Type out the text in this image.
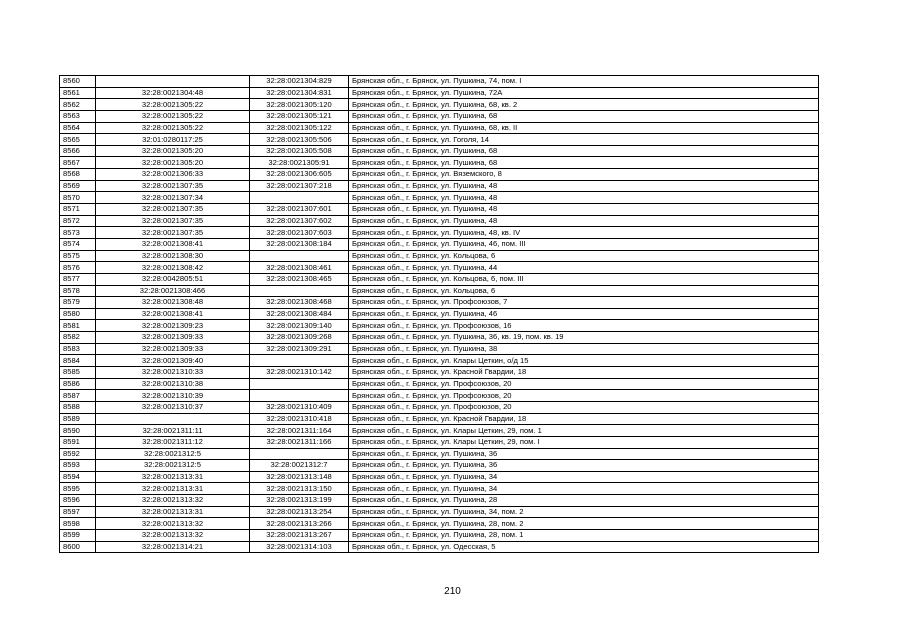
8560		32:28:0021304:829	Брянская обл., г. Брянск, ул. Пушкина, 74, пом. I
8561	32:28:0021304:48	32:28:0021304:831	Брянская обл., г. Брянск, ул. Пушкина, 72А
8562	32:28:0021305:22	32:28:0021305:120	Брянская обл., г. Брянск, ул. Пушкина, 68, кв. 2
8563	32:28:0021305:22	32:28:0021305:121	Брянская обл., г. Брянск, ул. Пушкина, 68
8564	32:28:0021305:22	32:28:0021305:122	Брянская обл., г. Брянск, ул. Пушкина, 68, кв. II
8565	32:01:0280117:25	32:28:0021305:506	Брянская обл., г. Брянск, ул. Гоголя, 14
8566	32:28:0021305:20	32:28:0021305:508	Брянская обл., г. Брянск, ул. Пушкина, 68
8567	32:28:0021305:20	32:28:0021305:91	Брянская обл., г. Брянск, ул. Пушкина, 68
8568	32:28:0021306:33	32:28:0021306:605	Брянская обл., г. Брянск, ул. Вяземского, 8
8569	32:28:0021307:35	32:28:0021307:218	Брянская обл., г. Брянск, ул. Пушкина, 48
8570	32:28:0021307:34		Брянская обл., г. Брянск, ул. Пушкина, 48
8571	32:28:0021307:35	32:28:0021307:601	Брянская обл., г. Брянск, ул. Пушкина, 48
8572	32:28:0021307:35	32:28:0021307:602	Брянская обл., г. Брянск, ул. Пушкина, 48
8573	32:28:0021307:35	32:28:0021307:603	Брянская обл., г. Брянск, ул. Пушкина, 48, кв. IV
8574	32:28:0021308:41	32:28:0021308:184	Брянская обл., г. Брянск, ул. Пушкина, 46, пом. III
8575	32:28:0021308:30		Брянская обл., г. Брянск, ул. Кольцова, 6
8576	32:28:0021308:42	32:28:0021308:461	Брянская обл., г. Брянск, ул. Пушкина, 44
8577	32:28:0042805:51	32:28:0021308:465	Брянская обл., г. Брянск, ул. Кольцова, 6, пом. III
8578	32:28:0021308:466		Брянская обл., г. Брянск, ул. Кольцова, 6
8579	32:28:0021308:48	32:28:0021308:468	Брянская обл., г. Брянск, ул. Профсоюзов, 7
8580	32:28:0021308:41	32:28:0021308:484	Брянская обл., г. Брянск, ул. Пушкина, 46
8581	32:28:0021309:23	32:28:0021309:140	Брянская обл., г. Брянск, ул. Профсоюзов, 16
8582	32:28:0021309:33	32:28:0021309:268	Брянская обл., г. Брянск, ул. Пушкина, 36, кв. 19, пом. кв. 19
8583	32:28:0021309:33	32:28:0021309:291	Брянская обл., г. Брянск, ул. Пушкина, 38
8584	32:28:0021309:40		Брянская обл., г. Брянск, ул. Клары Цеткин, о/д 15
8585	32:28:0021310:33	32:28:0021310:142	Брянская обл., г. Брянск, ул. Красной Гвардии, 18
8586	32:28:0021310:38		Брянская обл., г. Брянск, ул. Профсоюзов, 20
8587	32:28:0021310:39		Брянская обл., г. Брянск, ул. Профсоюзов, 20
8588	32:28:0021310:37	32:28:0021310:409	Брянская обл., г. Брянск, ул. Профсоюзов, 20
8589		32:28:0021310:418	Брянская обл., г. Брянск, ул. Красной Гвардии, 18
8590	32:28:0021311:11	32:28:0021311:164	Брянская обл., г. Брянск, ул. Клары Цеткин, 29, пом. 1
8591	32:28:0021311:12	32:28:0021311:166	Брянская обл., г. Брянск, ул. Клары Цеткин, 29, пом. I
8592	32:28:0021312:5		Брянская обл., г. Брянск, ул. Пушкина, 36
8593	32:28:0021312:5	32:28:0021312:7	Брянская обл., г. Брянск, ул. Пушкина, 36
8594	32:28:0021313:31	32:28:0021313:148	Брянская обл., г. Брянск, ул. Пушкина, 34
8595	32:28:0021313:31	32:28:0021313:150	Брянская обл., г. Брянск, ул. Пушкина, 34
8596	32:28:0021313:32	32:28:0021313:199	Брянская обл., г. Брянск, ул. Пушкина, 28
8597	32:28:0021313:31	32:28:0021313:254	Брянская обл., г. Брянск, ул. Пушкина, 34, пом. 2
8598	32:28:0021313:32	32:28:0021313:266	Брянская обл., г. Брянск, ул. Пушкина, 28, пом. 2
8599	32:28:0021313:32	32:28:0021313:267	Брянская обл., г. Брянск, ул. Пушкина, 28, пом. 1
8600	32:28:0021314:21	32:28:0021314:103	Брянская обл., г. Брянск, ул. Одесская, 5
210
